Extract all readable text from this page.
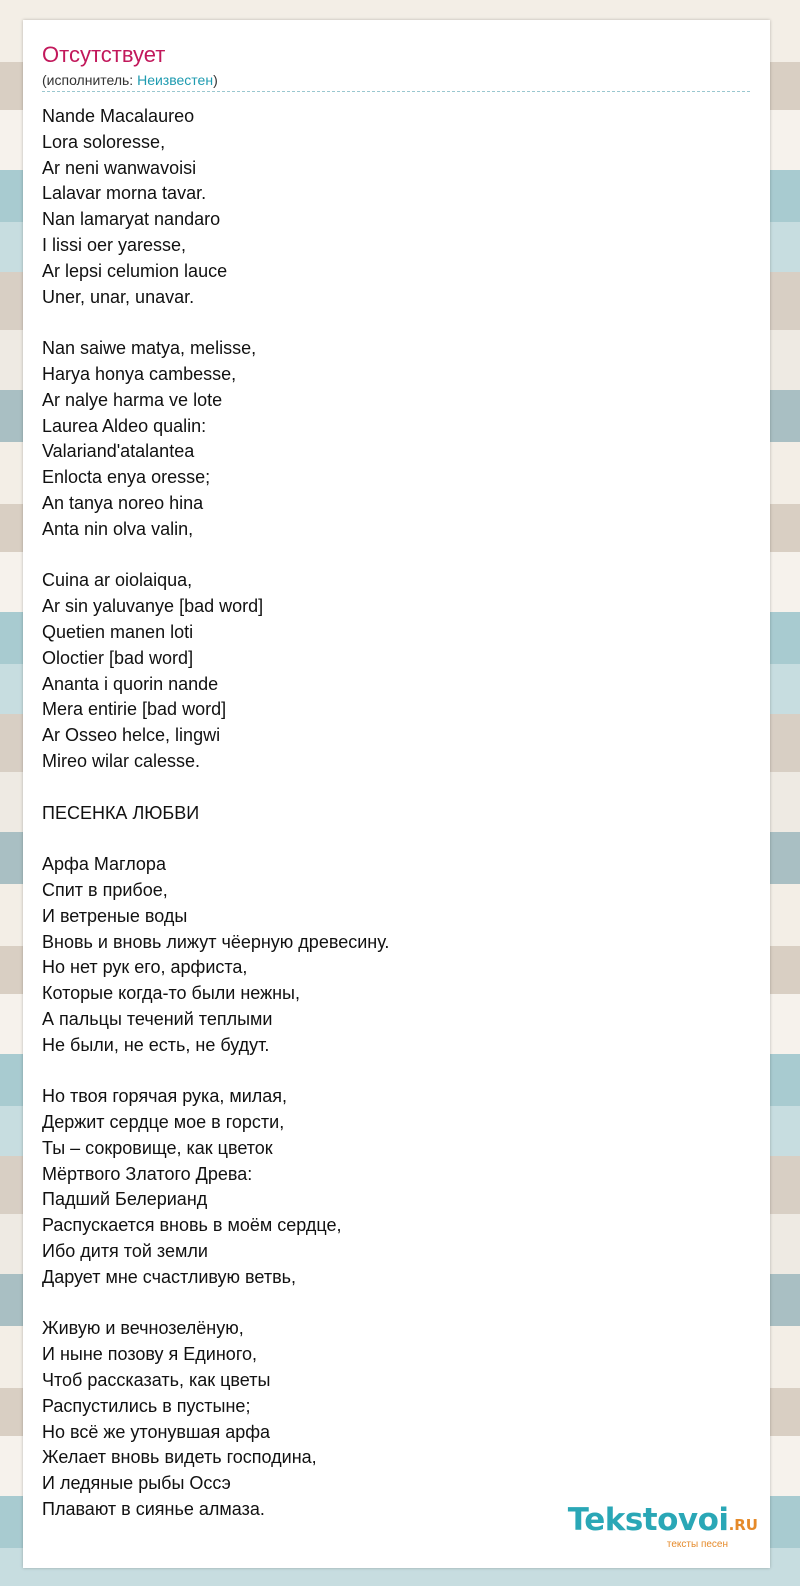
Отсутствует
(исполнитель: Неизвестен)
Nande Macalaureo
Lora soloresse,
Ar neni wanwavoisi
Lalavar morna tavar.
Nan lamaryat nandaro
I lissi oer yaresse,
Ar lepsi celumion lauce
Uner, unar, unavar.
Nan saiwe matya, melisse,
Harya honya cambesse,
Ar nalye harma ve lote
Laurea Aldeo qualin:
Valariand'atalantea
Enlocta enya oresse;
An tanya noreo hina
Anta nin olva valin,
Cuina ar oiolaiqua,
Ar sin yaluvanye [bad word]
Quetien manen loti
Oloctier [bad word]
Ananta i quorin nande
Mera entirie [bad word]
Ar Osseo helce, lingwi
Mireo wilar calesse.
ПЕСЕНКА ЛЮБВИ
Арфа Маглора
Спит в прибое,
И ветреные воды
Вновь и вновь лижут чёерную древесину.
Но нет рук его, арфиста,
Которые когда-то были нежны,
А пальцы течений теплыми
Не были, не есть, не будут.
Но твоя горячая рука, милая,
Держит сердце мое в горсти,
Ты – сокровище, как цветок
Мёртвого Златого Древа:
Падший Белерианд
Распускается вновь в моём сердце,
Ибо дитя той земли
Дарует мне счастливую ветвь,
Живую и вечнозелёную,
И ныне позову я Единого,
Чтоб рассказать, как цветы
Распустились в пустыне;
Но всё же утонувшая арфа
Желает вновь видеть господина,
И ледяные рыбы Оссэ
Плавают в сиянье алмаза.	Tekstovoi.RU
тексты песен
